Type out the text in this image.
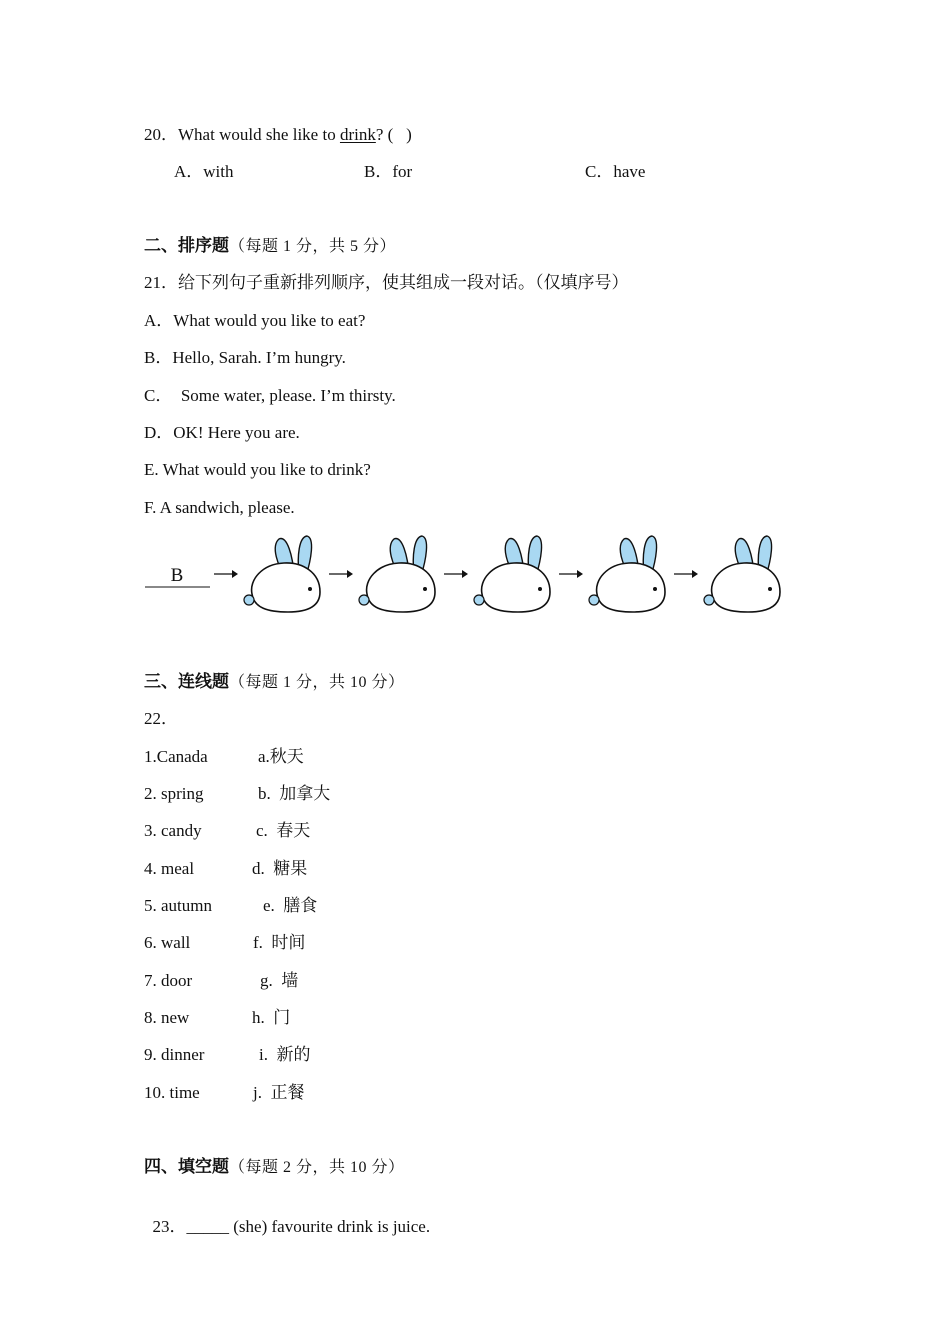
20．What would she like to drink? ( )
A．with	B．for	C．have
二、排序题（每题 1 分，共 5 分）
21．给下列句子重新排列顺序，使其组成一段对话。（仅填序号）
A．What would you like to eat?
B．Hello, Sarah. I’m hungry.
C．  Some water, please. I’m thirsty.
D．OK! Here you are.
E. What would you like to drink?
F. A sandwich, please.
B
三、连线题（每题 1 分，共 10 分）
22．
1.Canada	a.秋天
2. spring	b.  加拿大
3. candy	c.  春天
4. meal	d.  糖果
5. autumn	e.  膳食
6. wall	f.  时间
7. door	g.  墙
8. new	h.  门
9. dinner	i.  新的
10. time	j.  正餐
四、填空题（每题 2 分，共 10 分）

23．_____ (she) favourite drink is juice.
